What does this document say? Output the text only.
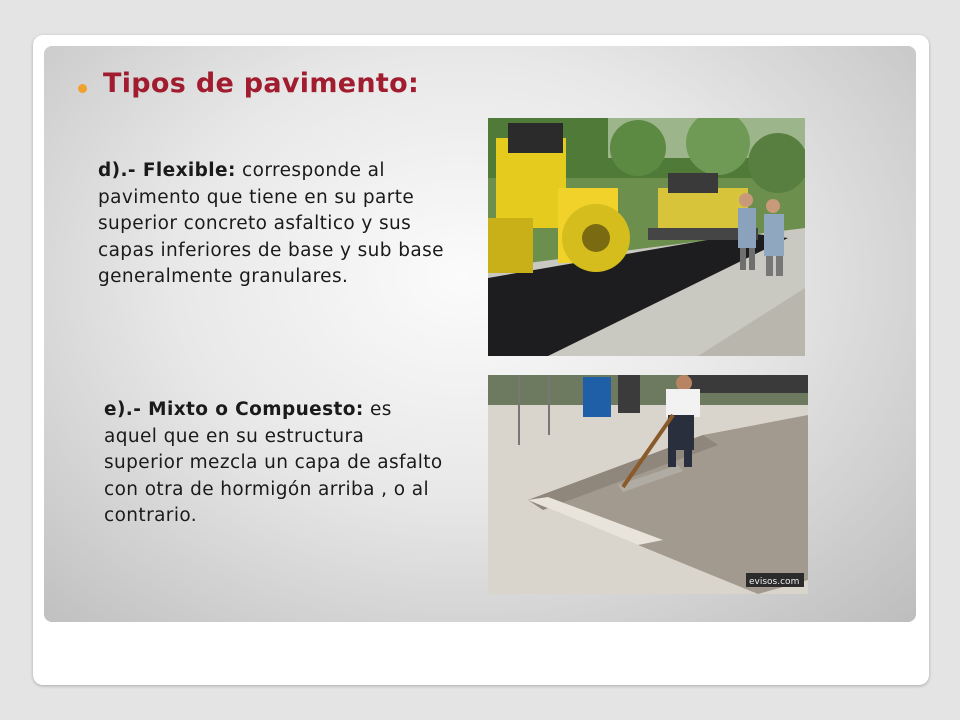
Tipos de pavimento:
d).- Flexible: corresponde al pavimento que tiene en su parte superior concreto asfaltico y sus capas inferiores de base y sub base generalmente granulares.
e).- Mixto o Compuesto: es aquel que en su estructura superior mezcla un capa de asfalto con otra de hormigón arriba , o al contrario.
evisos.com
